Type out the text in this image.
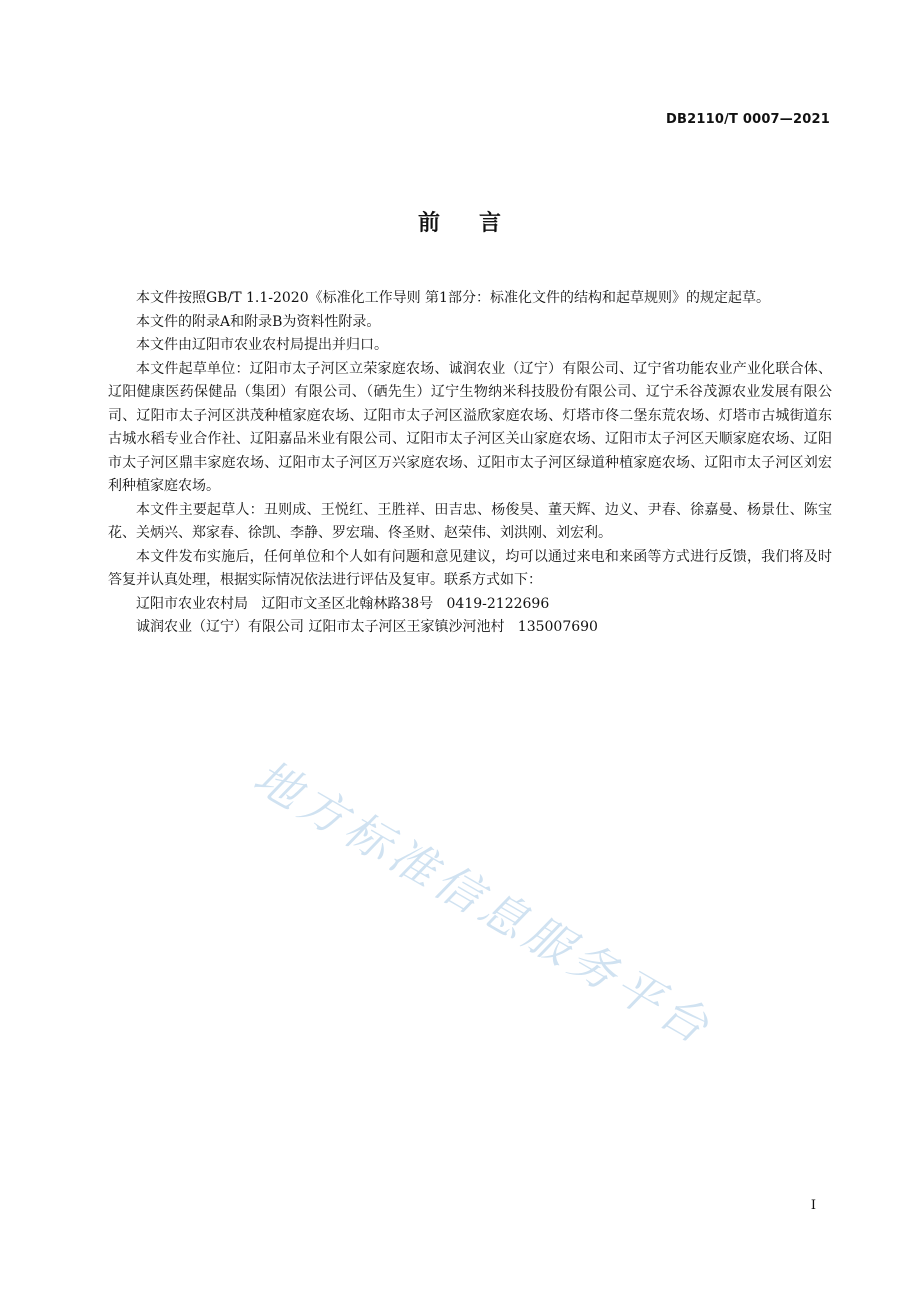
DB2110/T 0007—2021
前 言

本文件按照GB/T 1.1-2020《标准化工作导则 第1部分：标准化文件的结构和起草规则》的规定起草。

本文件的附录A和附录B为资料性附录。

本文件由辽阳市农业农村局提出并归口。

本文件起草单位：辽阳市太子河区立荣家庭农场、诚润农业（辽宁）有限公司、辽宁省功能农业产业化联合体、辽阳健康医药保健品（集团）有限公司、（硒先生）辽宁生物纳米科技股份有限公司、辽宁禾谷茂源农业发展有限公司、辽阳市太子河区洪茂种植家庭农场、辽阳市太子河区溢欣家庭农场、灯塔市佟二堡东荒农场、灯塔市古城街道东古城水稻专业合作社、辽阳嘉品米业有限公司、辽阳市太子河区关山家庭农场、辽阳市太子河区天顺家庭农场、辽阳市太子河区鼎丰家庭农场、辽阳市太子河区万兴家庭农场、辽阳市太子河区绿道种植家庭农场、辽阳市太子河区刘宏利种植家庭农场。

本文件主要起草人：丑则成、王悦红、王胜祥、田吉忠、杨俊昊、董天辉、边义、尹春、徐嘉曼、杨景仕、陈宝花、关炳兴、郑家春、徐凯、李静、罗宏瑞、佟圣财、赵荣伟、刘洪刚、刘宏利。

本文件发布实施后，任何单位和个人如有问题和意见建议，均可以通过来电和来函等方式进行反馈，我们将及时答复并认真处理，根据实际情况依法进行评估及复审。联系方式如下：

辽阳市农业农村局   辽阳市文圣区北翰林路38号   0419-2122696

诚润农业（辽宁）有限公司 辽阳市太子河区王家镇沙河池村   135007690

地方标准信息服务平台
I
